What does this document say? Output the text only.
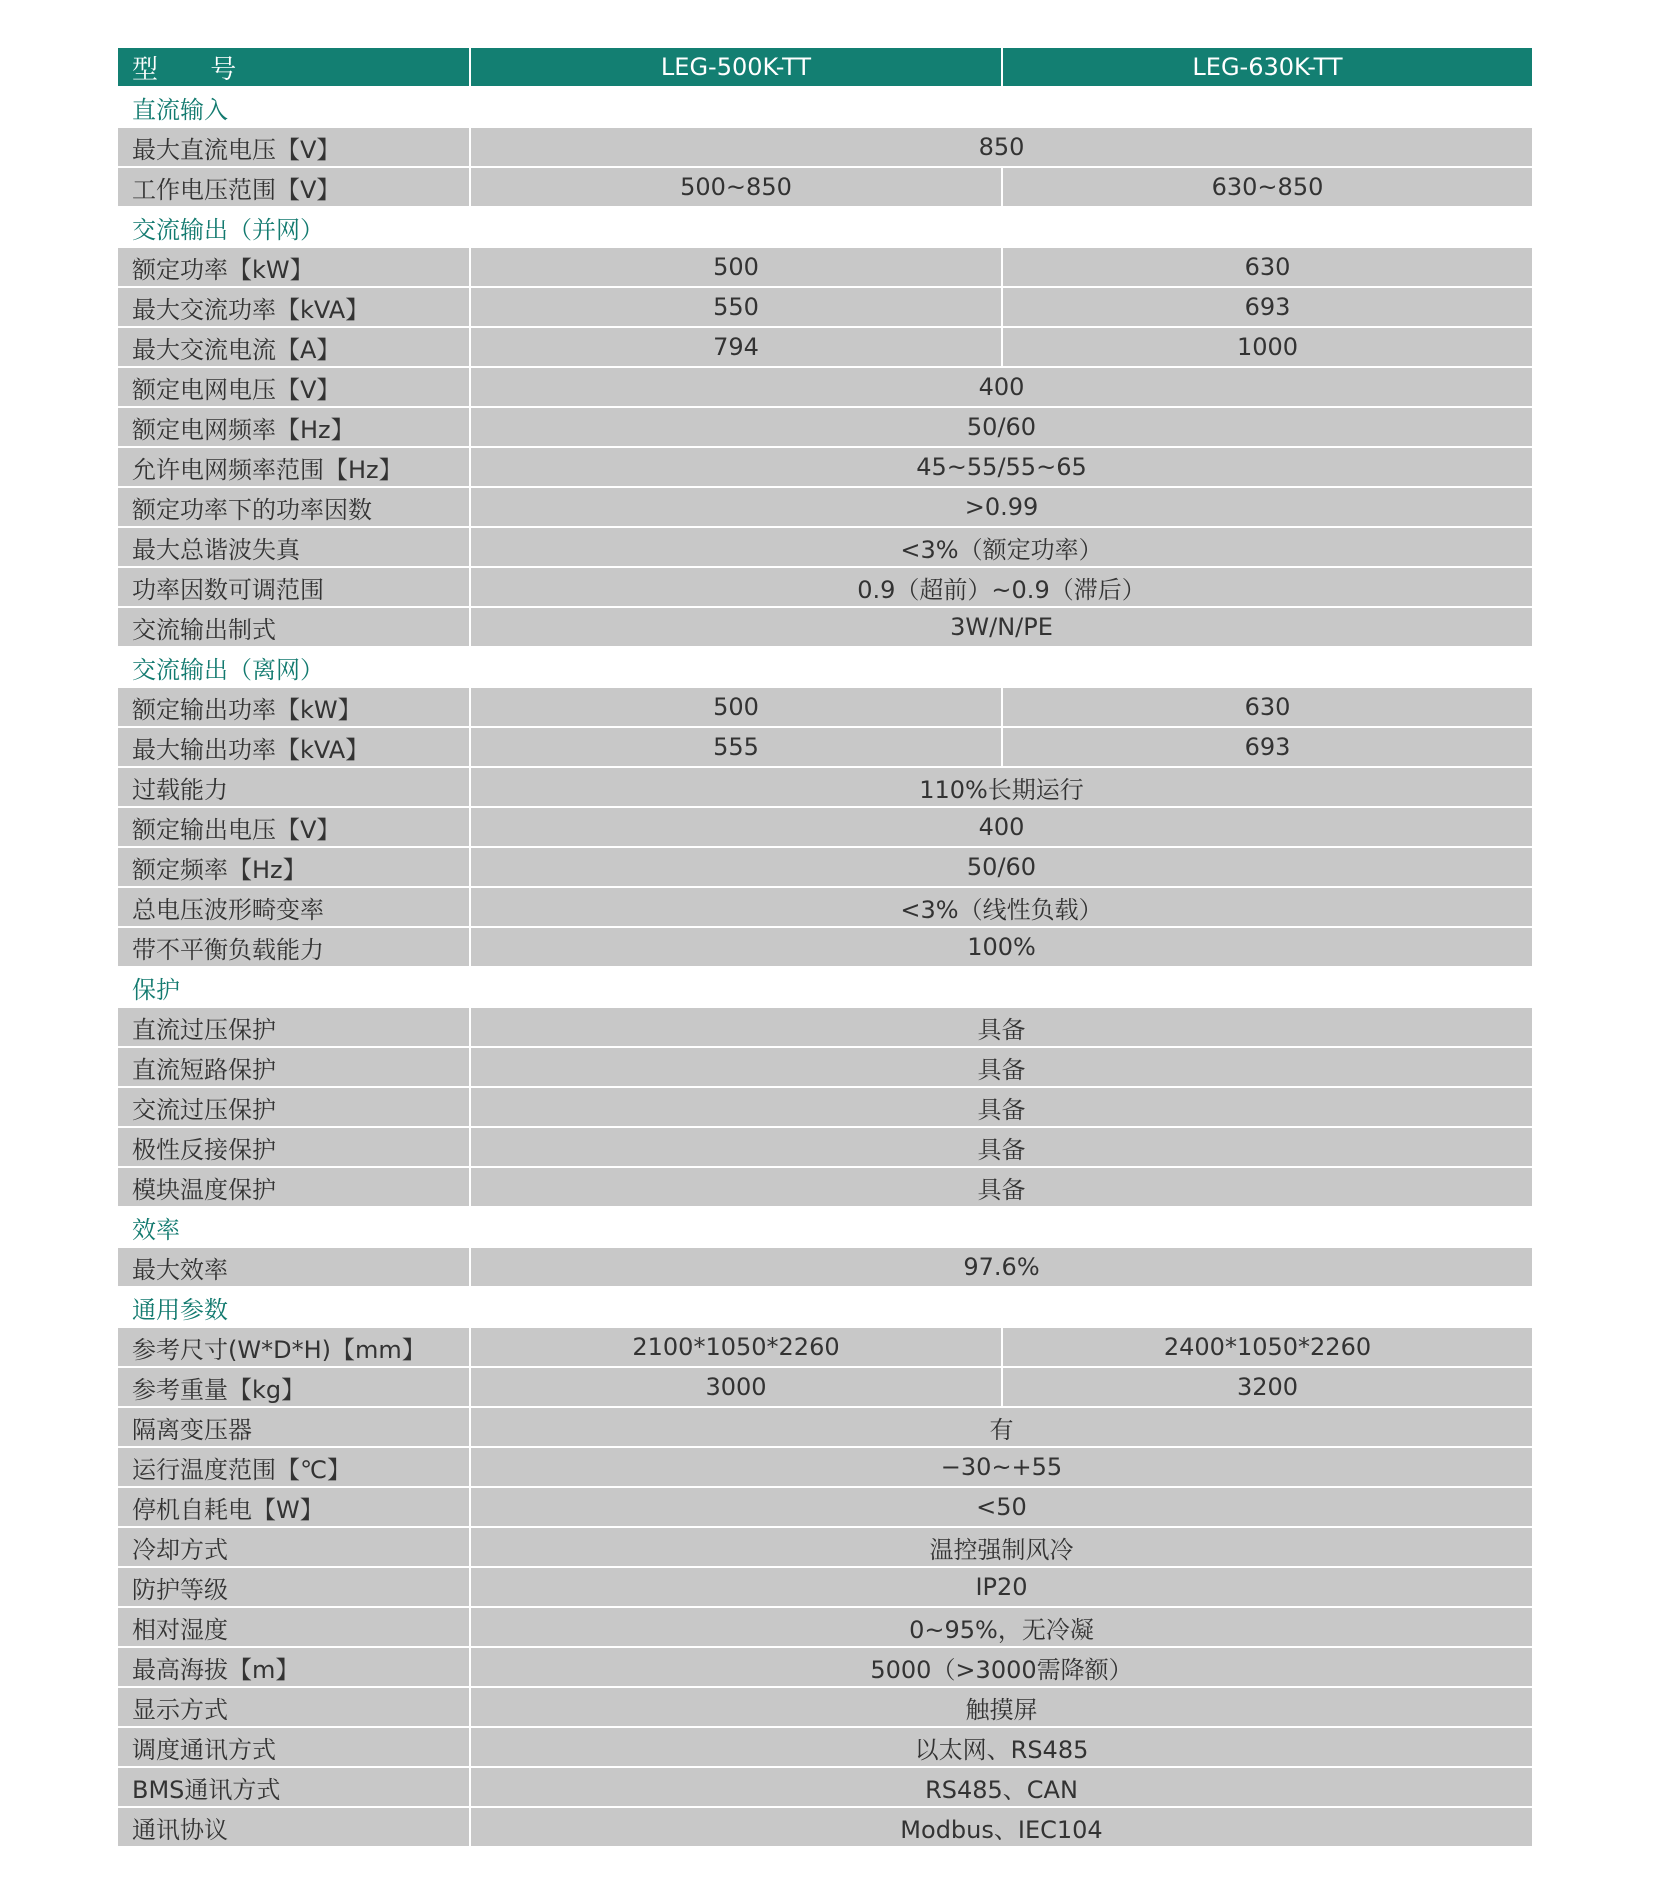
型 号	LEG-500K-TT	LEG-630K-TT
直流输入
最大直流电压【V】	850
工作电压范围【V】	500~850	630~850
交流输出（并网）
额定功率【kW】	500	630
最大交流功率【kVA】	550	693
最大交流电流【A】	794	1000
额定电网电压【V】	400
额定电网频率【Hz】	50/60
允许电网频率范围【Hz】	45~55/55~65
额定功率下的功率因数	>0.99
最大总谐波失真	<3%（额定功率）
功率因数可调范围	0.9（超前）~0.9（滞后）
交流输出制式	3W/N/PE
交流输出（离网）
额定输出功率【kW】	500	630
最大输出功率【kVA】	555	693
过载能力	110%长期运行
额定输出电压【V】	400
额定频率【Hz】	50/60
总电压波形畸变率	<3%（线性负载）
带不平衡负载能力	100%
保护
直流过压保护	具备
直流短路保护	具备
交流过压保护	具备
极性反接保护	具备
模块温度保护	具备
效率
最大效率	97.6%
通用参数
参考尺寸(W*D*H)【mm】	2100*1050*2260	2400*1050*2260
参考重量【kg】	3000	3200
隔离变压器	有
运行温度范围【℃】	−30~+55
停机自耗电【W】	<50
冷却方式	温控强制风冷
防护等级	IP20
相对湿度	0~95%，无冷凝
最高海拔【m】	5000（>3000需降额）
显示方式	触摸屏
调度通讯方式	以太网、RS485
BMS通讯方式	RS485、CAN
通讯协议	Modbus、IEC104
